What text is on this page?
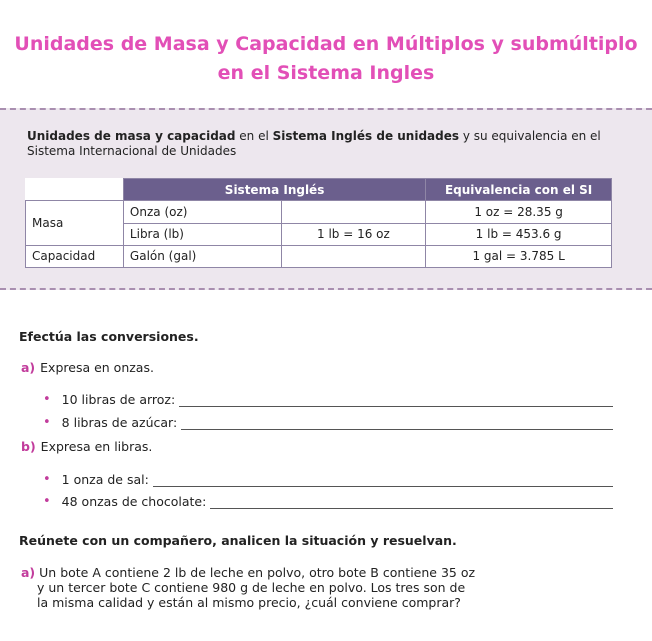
Unidades de Masa y Capacidad en Múltiplos y submúltiplo
en el Sistema Ingles
Unidades de masa y capacidad en el Sistema Inglés de unidades y su equivalencia en el Sistema Internacional de Unidades
	Sistema Inglés		Equivalencia con el SI
Masa	Onza (oz)		1 oz = 28.35 g
	Libra (lb)	1 lb = 16 oz	1 lb = 453.6 g
Capacidad	Galón (gal)		1 gal = 3.785 L
Efectúa las conversiones.
a) Expresa en onzas.
• 10 libras de arroz:
• 8 libras de azúcar:
b) Expresa en libras.
• 1 onza de sal:
• 48 onzas de chocolate:
Reúnete con un compañero, analicen la situación y resuelvan.
a) Un bote A contiene 2 lb de leche en polvo, otro bote B contiene 35 oz
y un tercer bote C contiene 980 g de leche en polvo. Los tres son de
la misma calidad y están al mismo precio, ¿cuál conviene comprar?
